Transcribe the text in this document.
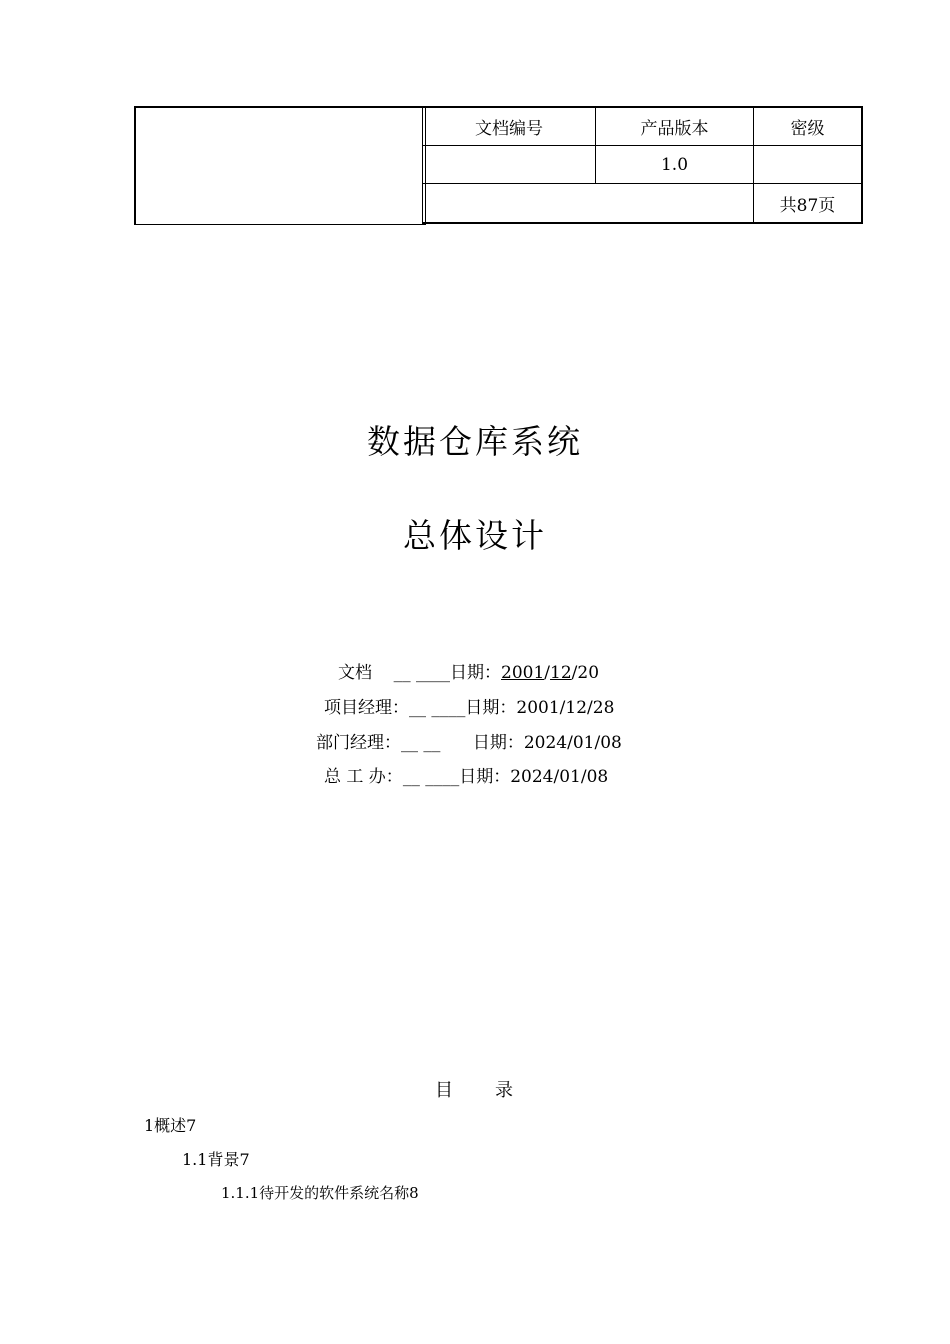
文档编号	产品版本	密级
1.0
共87页
数据仓库系统
总体设计
文档 __ ____日期：2001/12/20
项目经理：__ ____日期：2001/12/28
部门经理：__ __ 日期：2024/01/08
总 工 办：__ ____日期：2024/01/08
目 录
1概述7
1.1背景7
1.1.1待开发的软件系统名称8
